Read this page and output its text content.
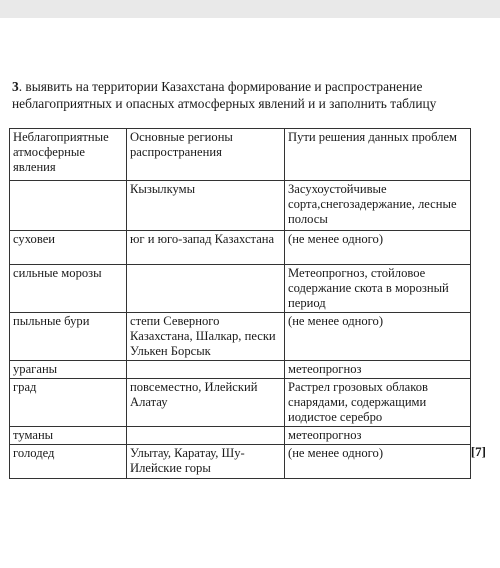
3. выявить на территории Казахстана формирование и распространение неблагоприятных и опасных атмосферных явлений и и заполнить таблицу
Неблагоприятные атмосферные явления	Основные регионы распространения	Пути решения данных проблем
	Кызылкумы	Засухоустойчивые сорта,снегозадержание, лесные полосы
суховеи	юг и юго-запад Казахстана	(не менее одного)
сильные морозы		Метеопрогноз, стойловое содержание скота в морозный период
пыльные бури	степи Северного Казахстана, Шалкар, пески Улькен Борсык	(не менее одного)
ураганы		метеопрогноз
град	повсеместно, Илейский Алатау	Растрел грозовых облаков снарядами, содержащими иодистое серебро
туманы		метеопрогноз
голодед	Улытау, Каратау, Шу-Илейские горы	(не менее одного)	[7]
